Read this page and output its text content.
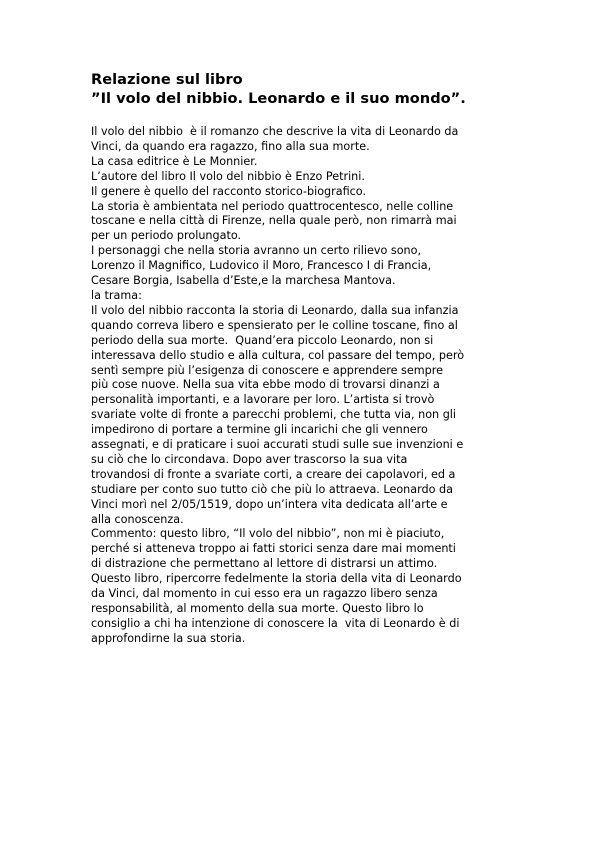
Relazione sul libro
”Il volo del nibbio. Leonardo e il suo mondo”.
Il volo del nibbio  è il romanzo che descrive la vita di Leonardo da
Vinci, da quando era ragazzo, fino alla sua morte.
La casa editrice è Le Monnier.
L’autore del libro Il volo del nibbio è Enzo Petrini.
Il genere è quello del racconto storico-biografico.
La storia è ambientata nel periodo quattrocentesco, nelle colline
toscane e nella città di Firenze, nella quale però, non rimarrà mai
per un periodo prolungato.
I personaggi che nella storia avranno un certo rilievo sono,
Lorenzo il Magnifico, Ludovico il Moro, Francesco I di Francia,
Cesare Borgia, Isabella d’Este,e la marchesa Mantova.
la trama:
Il volo del nibbio racconta la storia di Leonardo, dalla sua infanzia
quando correva libero e spensierato per le colline toscane, fino al
periodo della sua morte.  Quand’era piccolo Leonardo, non si
interessava dello studio e alla cultura, col passare del tempo, però
sentì sempre più l’esigenza di conoscere e apprendere sempre
più cose nuove. Nella sua vita ebbe modo di trovarsi dinanzi a
personalità importanti, e a lavorare per loro. L’artista si trovò
svariate volte di fronte a parecchi problemi, che tutta via, non gli
impedirono di portare a termine gli incarichi che gli vennero
assegnati, e di praticare i suoi accurati studi sulle sue invenzioni e
su ciò che lo circondava. Dopo aver trascorso la sua vita
trovandosi di fronte a svariate corti, a creare dei capolavori, ed a
studiare per conto suo tutto ciò che più lo attraeva. Leonardo da
Vinci morì nel 2/05/1519, dopo un’intera vita dedicata all’arte e
alla conoscenza.
Commento: questo libro, “Il volo del nibbio”, non mi è piaciuto,
perché si atteneva troppo ai fatti storici senza dare mai momenti
di distrazione che permettano al lettore di distrarsi un attimo.
Questo libro, ripercorre fedelmente la storia della vita di Leonardo
da Vinci, dal momento in cui esso era un ragazzo libero senza
responsabilità, al momento della sua morte. Questo libro lo
consiglio a chi ha intenzione di conoscere la  vita di Leonardo è di
approfondirne la sua storia.
